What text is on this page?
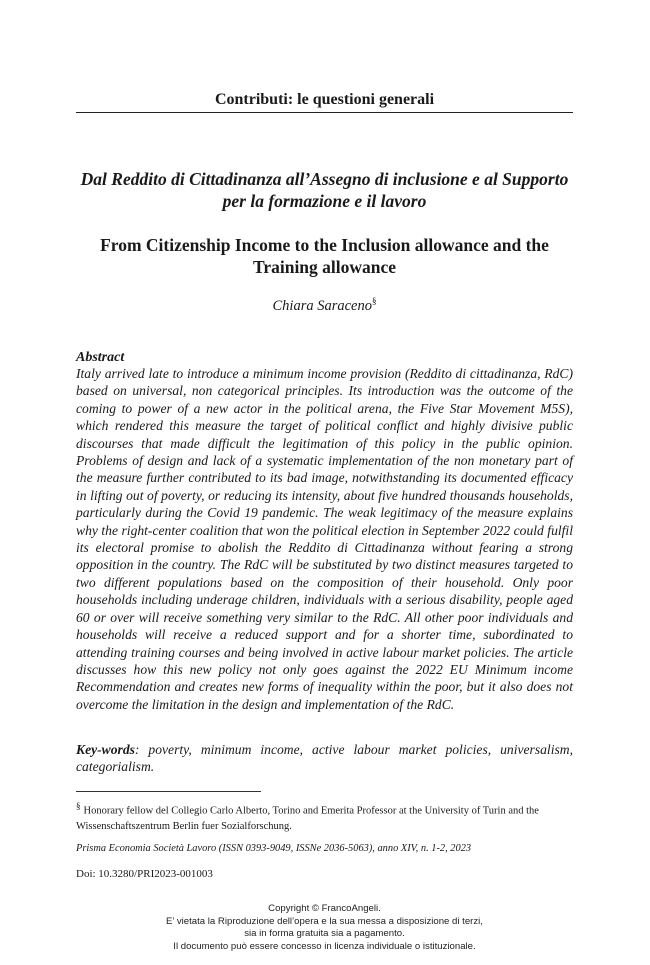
Contributi: le questioni generali
Dal Reddito di Cittadinanza all’Assegno di inclusione e al Supporto per la formazione e il lavoro
From Citizenship Income to the Inclusion allowance and the Training allowance
Chiara Saraceno§
Abstract

Italy arrived late to introduce a minimum income provision (Reddito di cittadinanza, RdC) based on universal, non categorical principles. Its introduction was the outcome of the coming to power of a new actor in the political arena, the Five Star Movement M5S), which rendered this measure the target of political conflict and highly divisive public discourses that made difficult the legitimation of this policy in the public opinion. Problems of design and lack of a systematic implementation of the non monetary part of the measure further contributed to its bad image, notwithstanding its documented efficacy in lifting out of poverty, or reducing its intensity, about five hundred thousands households, particularly during the Covid 19 pandemic. The weak legitimacy of the measure explains why the right-center coalition that won the political election in September 2022 could fulfil its electoral promise to abolish the Reddito di Cittadinanza without fearing a strong opposition in the country. The RdC will be substituted by two distinct measures targeted to two different populations based on the composition of their household. Only poor households including underage children, individuals with a serious disability, people aged 60 or over will receive something very similar to the RdC. All other poor individuals and households will receive a reduced support and for a shorter time, subordinated to attending training courses and being involved in active labour market policies. The article discusses how this new policy not only goes against the 2022 EU Minimum income Recommendation and creates new forms of inequality within the poor, but it also does not overcome the limitation in the design and implementation of the RdC.

Key-words: poverty, minimum income, active labour market policies, universalism, categorialism.

§ Honorary fellow del Collegio Carlo Alberto, Torino and Emerita Professor at the University of Turin and the Wissenschaftszentrum Berlin fuer Sozialforschung.

Prisma Economia Società Lavoro (ISSN 0393-9049, ISSNe 2036-5063), anno XIV, n. 1-2, 2023
Doi: 10.3280/PRI2023-001003
Copyright © FrancoAngeli.
E’ vietata la Riproduzione dell’opera e la sua messa a disposizione di terzi,
sia in forma gratuita sia a pagamento.
Il documento può essere concesso in licenza individuale o istituzionale.
